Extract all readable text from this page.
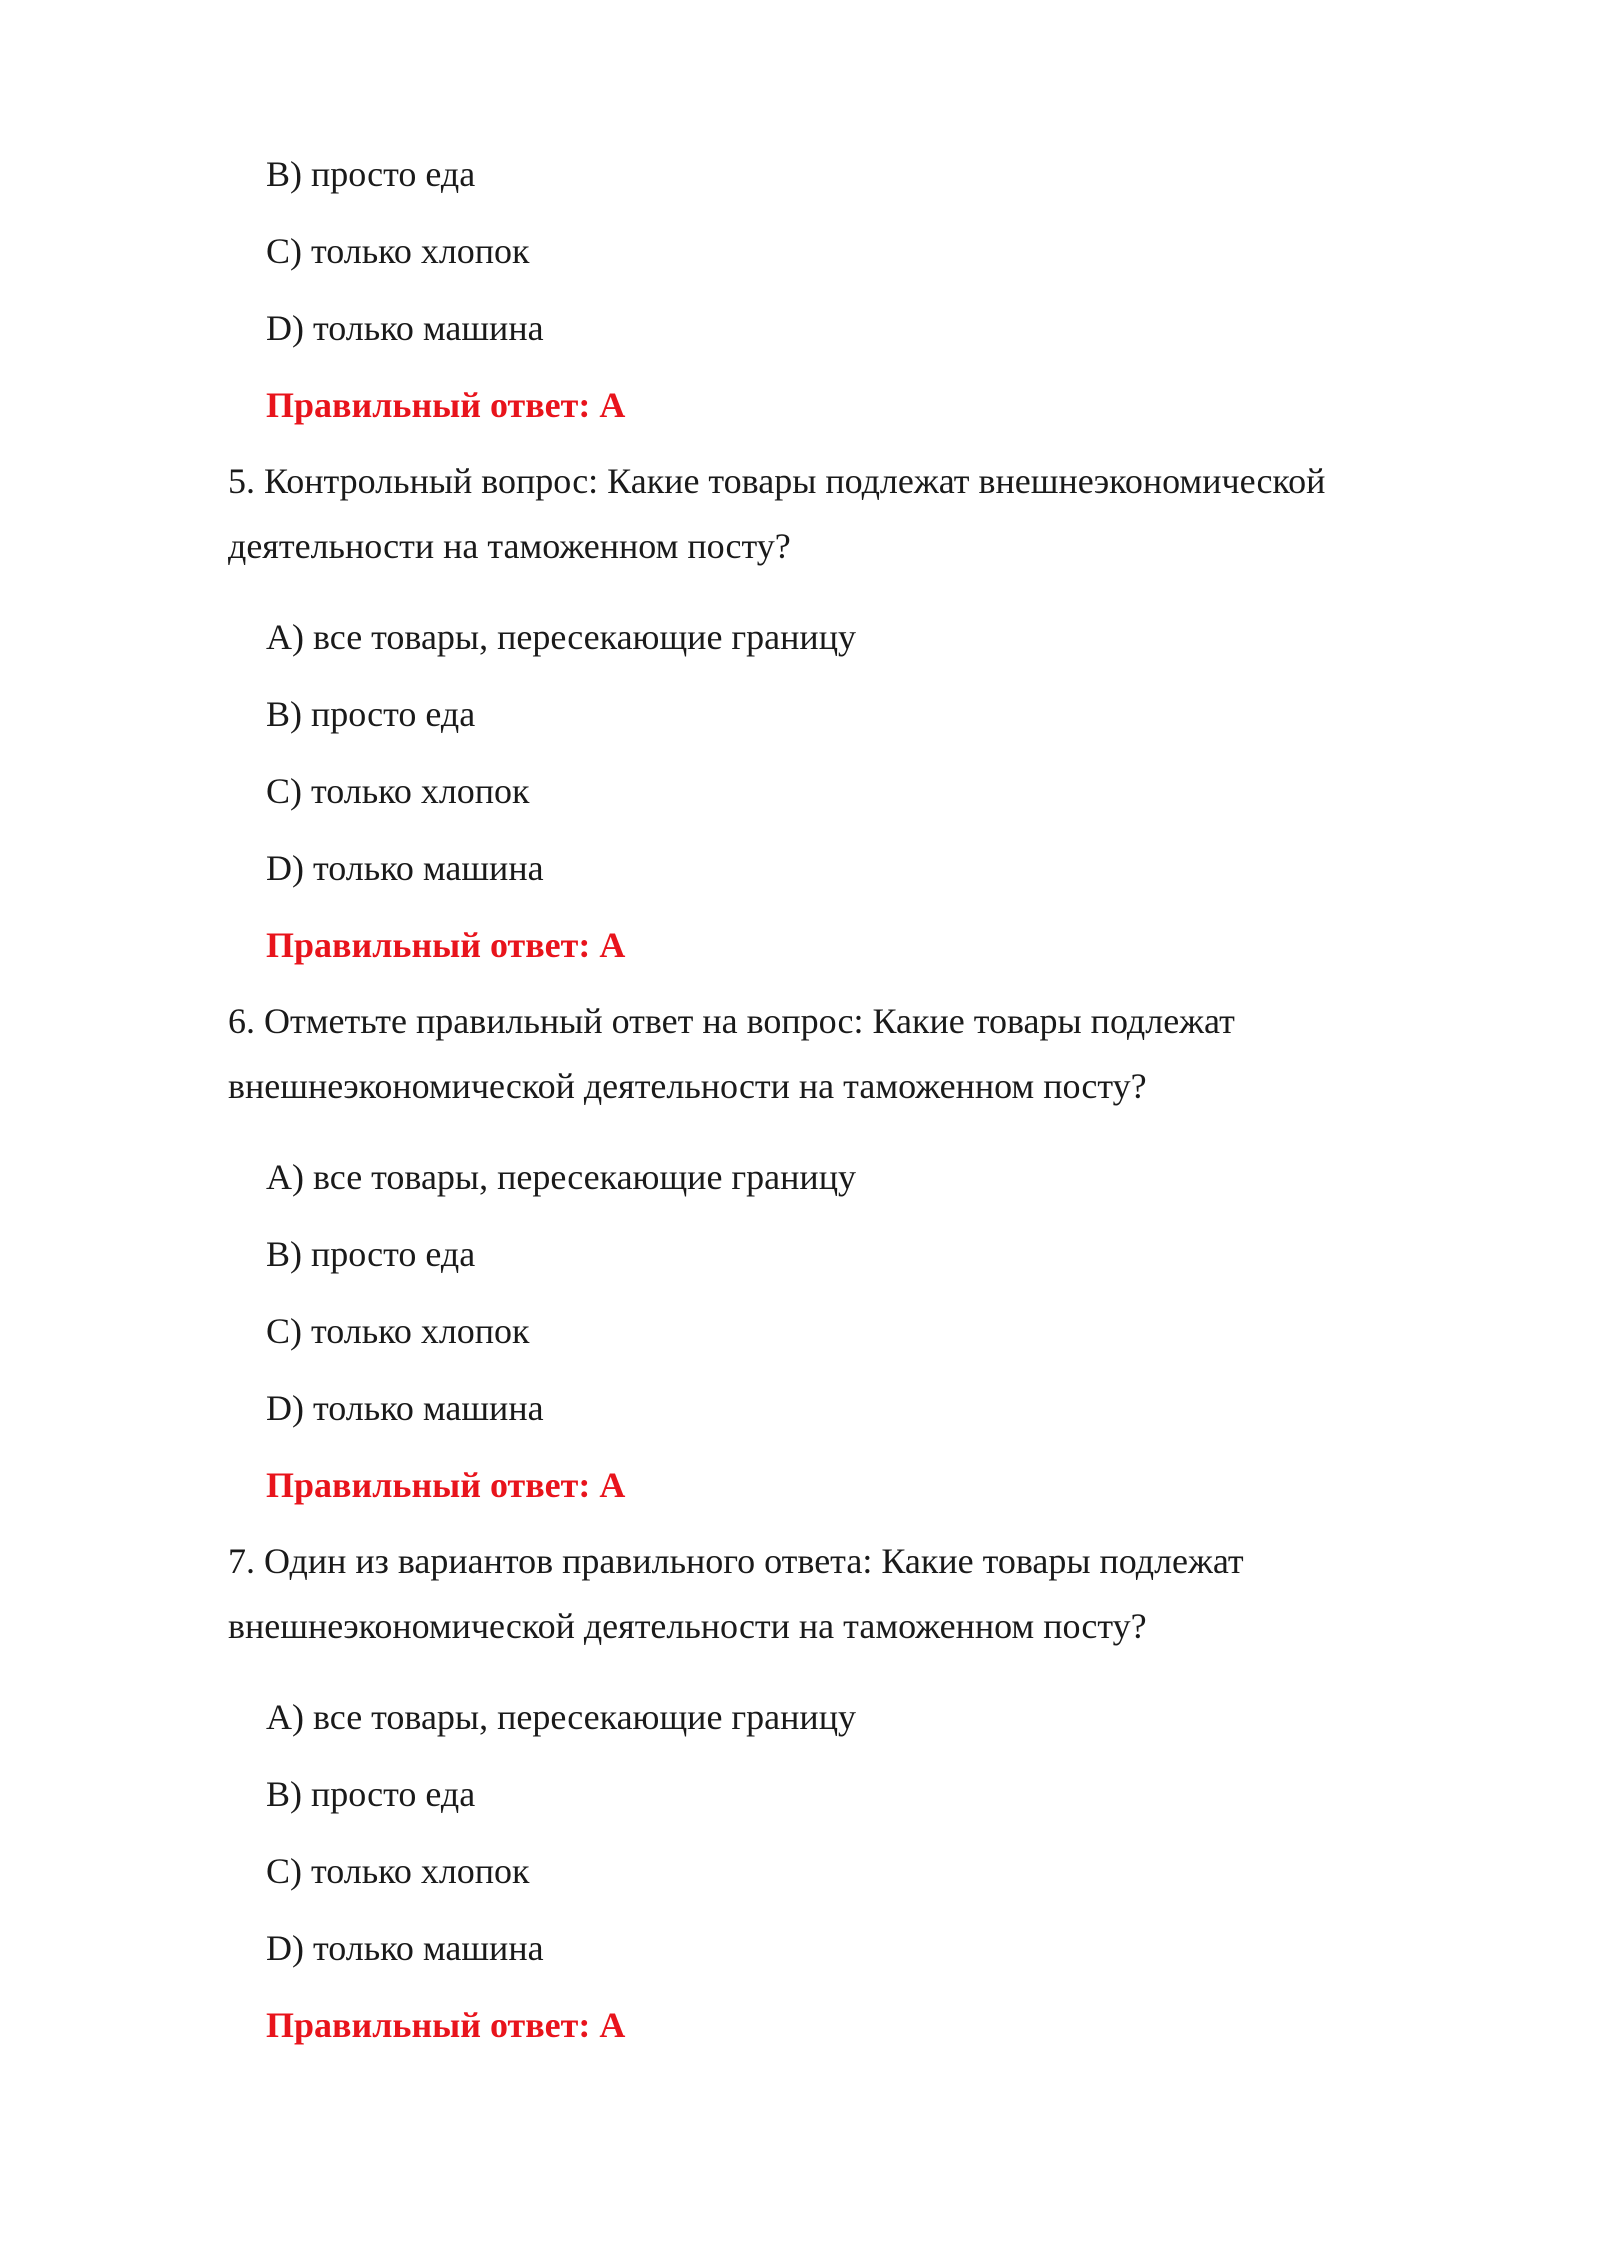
B) просто еда
C) только хлопок
D) только машина
Правильный ответ: A
5. Контрольный вопрос: Какие товары подлежат внешнеэкономической
деятельности на таможенном посту?
A) все товары, пересекающие границу
B) просто еда
C) только хлопок
D) только машина
Правильный ответ: A
6. Отметьте правильный ответ на вопрос: Какие товары подлежат
внешнеэкономической деятельности на таможенном посту?
A) все товары, пересекающие границу
B) просто еда
C) только хлопок
D) только машина
Правильный ответ: A
7. Один из вариантов правильного ответа: Какие товары подлежат
внешнеэкономической деятельности на таможенном посту?
A) все товары, пересекающие границу
B) просто еда
C) только хлопок
D) только машина
Правильный ответ: A
